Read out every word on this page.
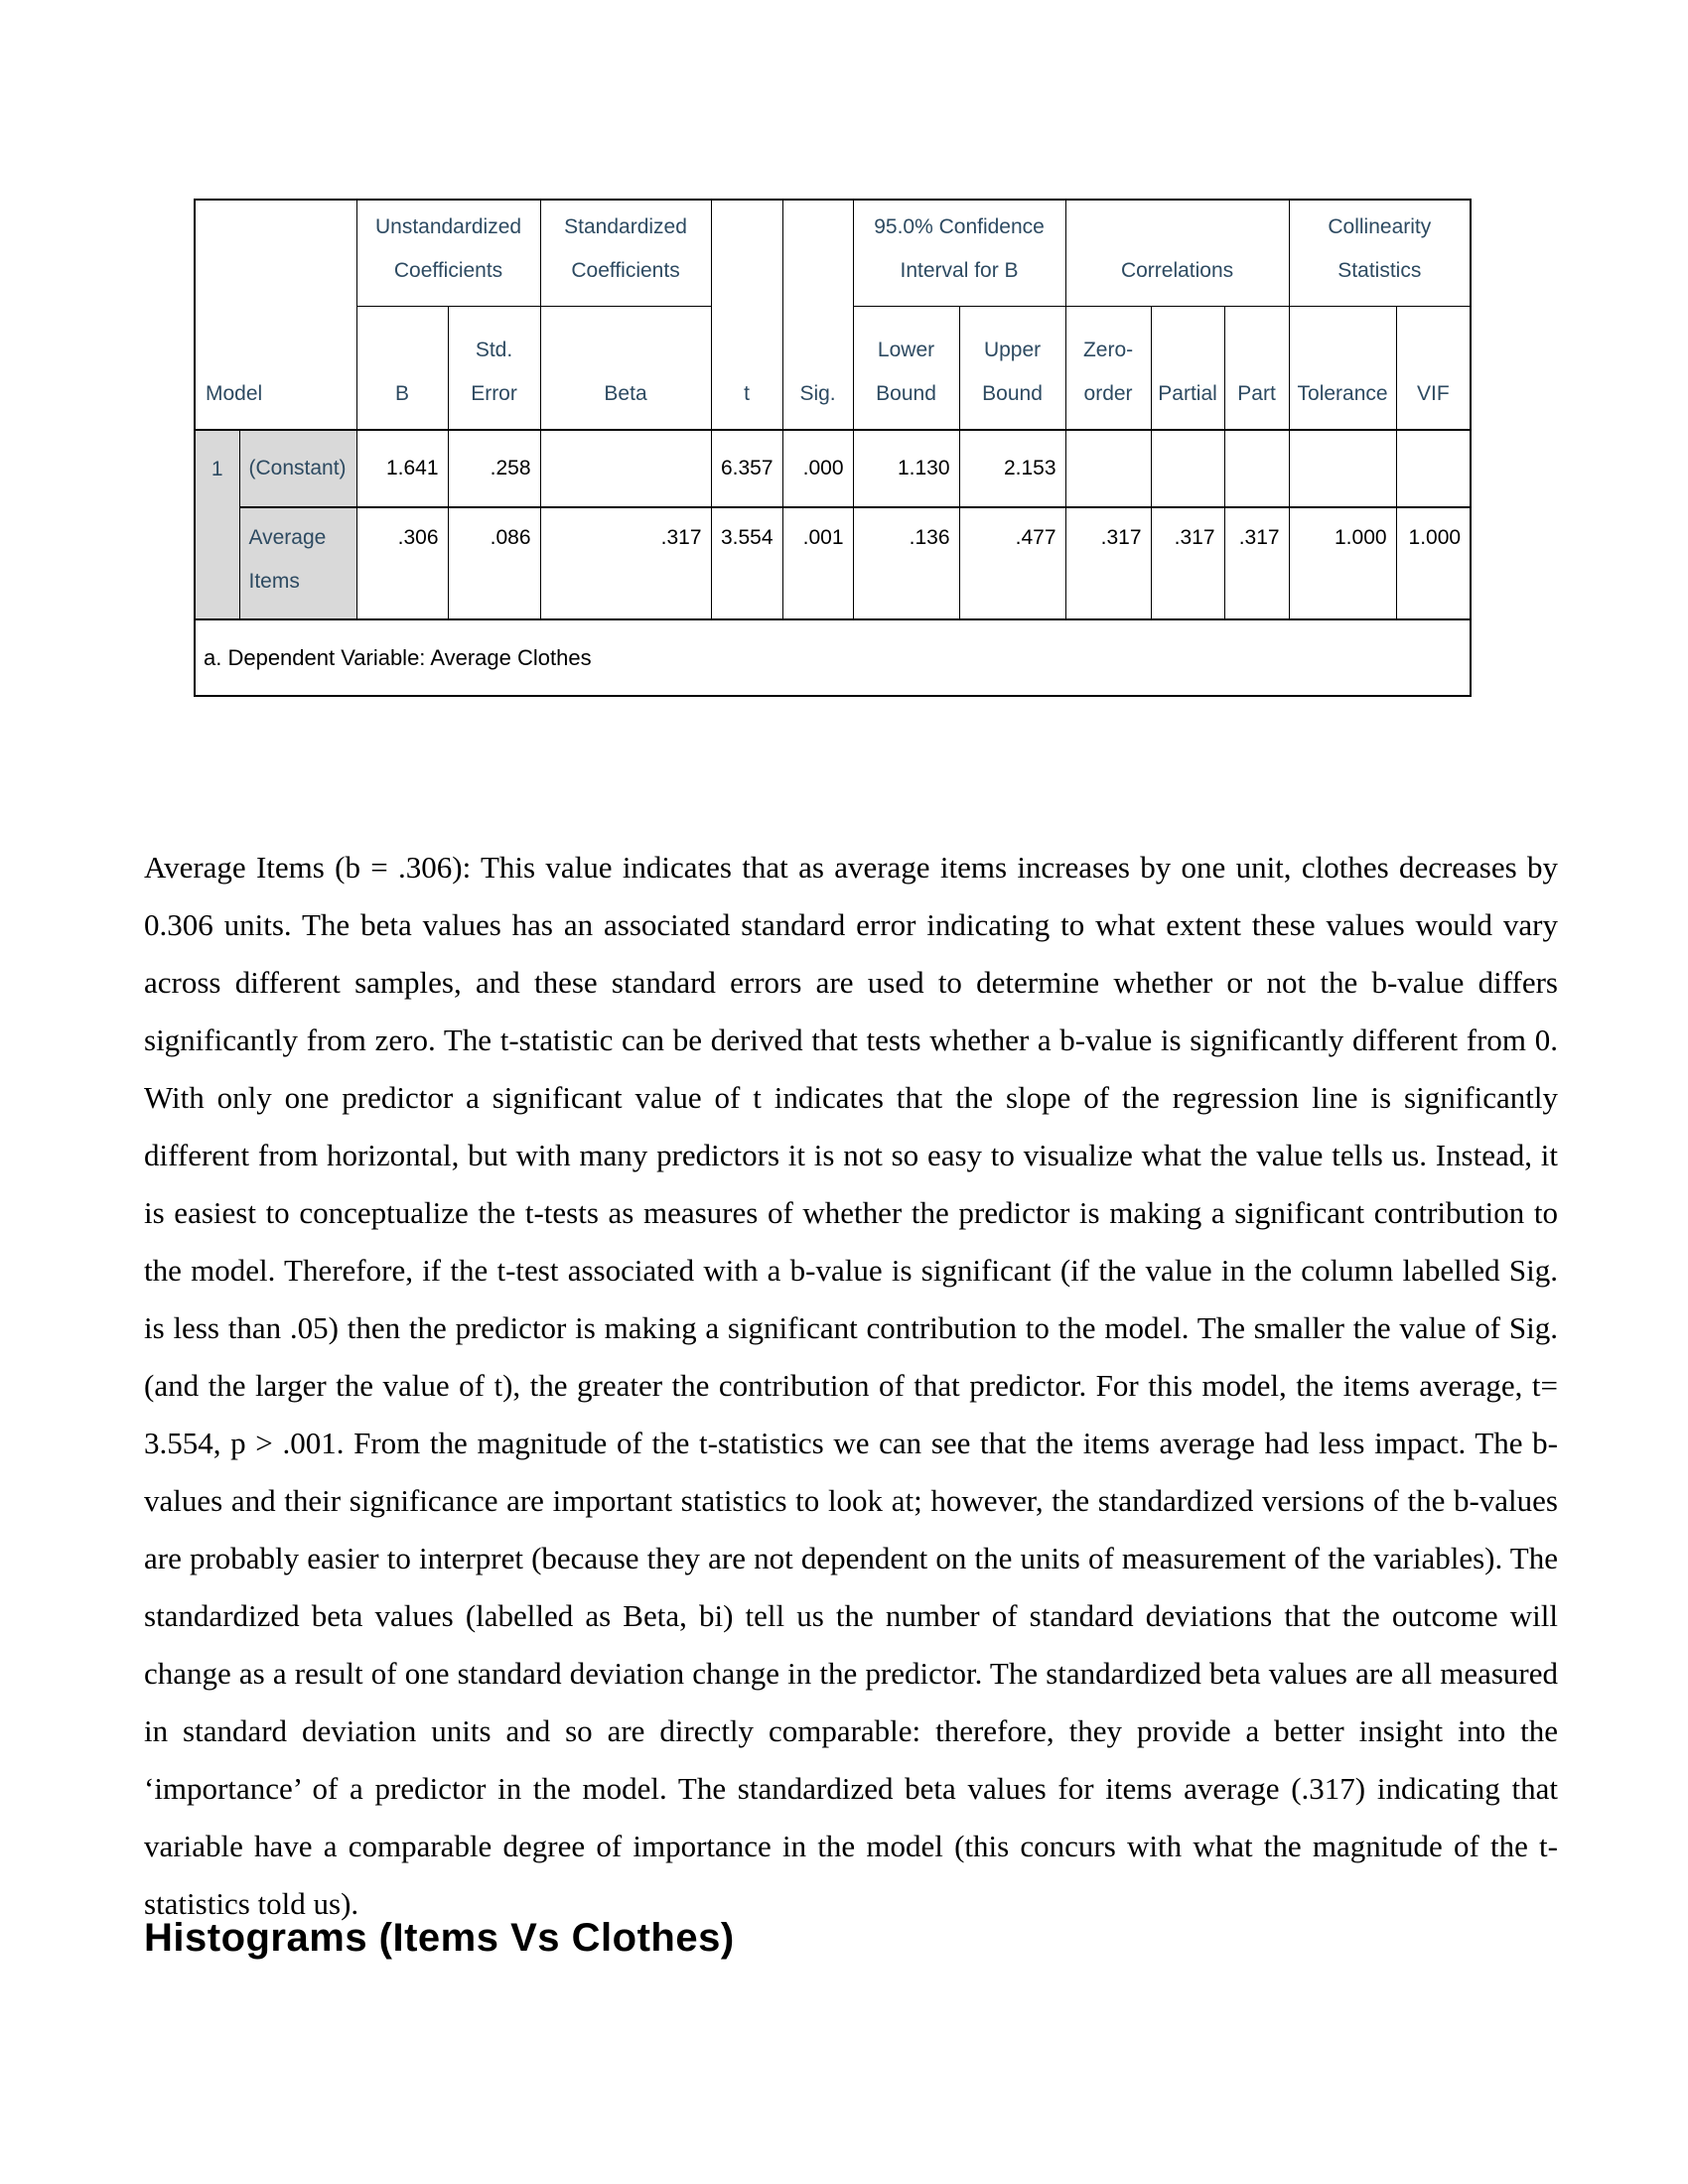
Model		Unstandardized Coefficients		Standardized Coefficients	t	Sig.	95.0% Confidence Interval for B		Correlations			Collinearity Statistics	
		B	Std. Error	Beta			Lower Bound	Upper Bound	Zero-order	Partial	Part	Tolerance	VIF
1	(Constant)	1.641	.258		6.357	.000	1.130	2.153					
	Average Items	.306	.086	.317	3.554	.001	.136	.477	.317	.317	.317	1.000	1.000
a. Dependent Variable: Average Clothes													
Average Items (b = .306): This value indicates that as average items increases by one unit, clothes decreases by 0.306 units. The beta values has an associated standard error indicating to what extent these values would vary across different samples, and these standard errors are used to determine whether or not the b-value differs significantly from zero. The t-statistic can be derived that tests whether a b-value is significantly different from 0. With only one predictor a significant value of t indicates that the slope of the regression line is significantly different from horizontal, but with many predictors it is not so easy to visualize what the value tells us. Instead, it is easiest to conceptualize the t-tests as measures of whether the predictor is making a significant contribution to the model. Therefore, if the t-test associated with a b-value is significant (if the value in the column labelled Sig. is less than .05) then the predictor is making a significant contribution to the model. The smaller the value of Sig. (and the larger the value of t), the greater the contribution of that predictor. For this model, the items average, t= 3.554, p > .001. From the magnitude of the t-statistics we can see that the items average had less impact. The b-values and their significance are important statistics to look at; however, the standardized versions of the b-values are probably easier to interpret (because they are not dependent on the units of measurement of the variables). The standardized beta values (labelled as Beta, bi) tell us the number of standard deviations that the outcome will change as a result of one standard deviation change in the predictor. The standardized beta values are all measured in standard deviation units and so are directly comparable: therefore, they provide a better insight into the ‘importance’ of a predictor in the model. The standardized beta values for items average (.317) indicating that variable have a comparable degree of importance in the model (this concurs with what the magnitude of the t-statistics told us).
Histograms (Items Vs Clothes)
